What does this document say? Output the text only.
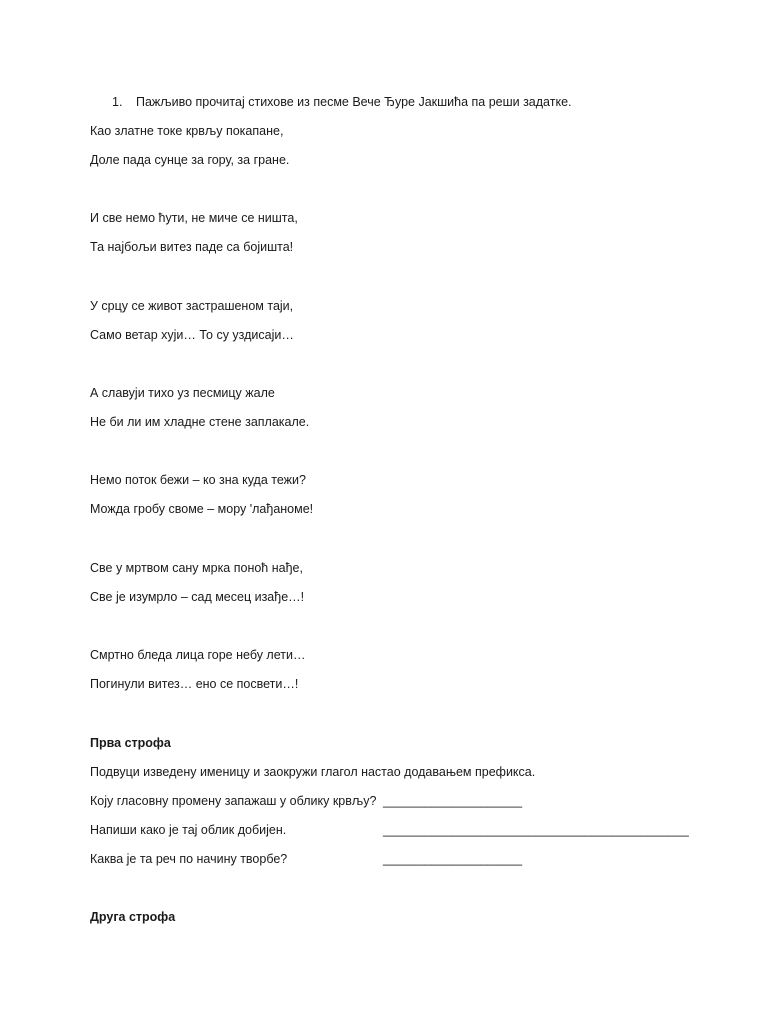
1. Пажљиво прочитај стихове из песме Вече Ђуре Јакшића па реши задатке.
Као златне токе крвљу покапане,
Доле пада сунце за гору, за гране.
И све немо ћути, не миче се ништа,
Та најбољи витез паде са бојишта!
У срцу се живот застрашеном таји,
Само ветар хуји… То су уздисаји…
А славуји тихо уз песмицу жале
Не би ли им хладне стене заплакале.
Немо поток бежи – ко зна куда тежи?
Можда гробу своме – мору 'лађаноме!
Све у мртвом сану мрка поноћ нађе,
Све је изумрло – сад месец изађе…!
Смртно бледа лица горе небу лети…
Погинули витез… ено се посвети…!
Прва строфа
Подвуци изведену именицу и заокружи глагол настао додавањем префикса.
Коју гласовну промену запажаш у облику крвљу? ____________________
Напиши како је тај облик добијен.	____________________________________________
Каква је та реч по начину творбе?	____________________
Друга строфа
